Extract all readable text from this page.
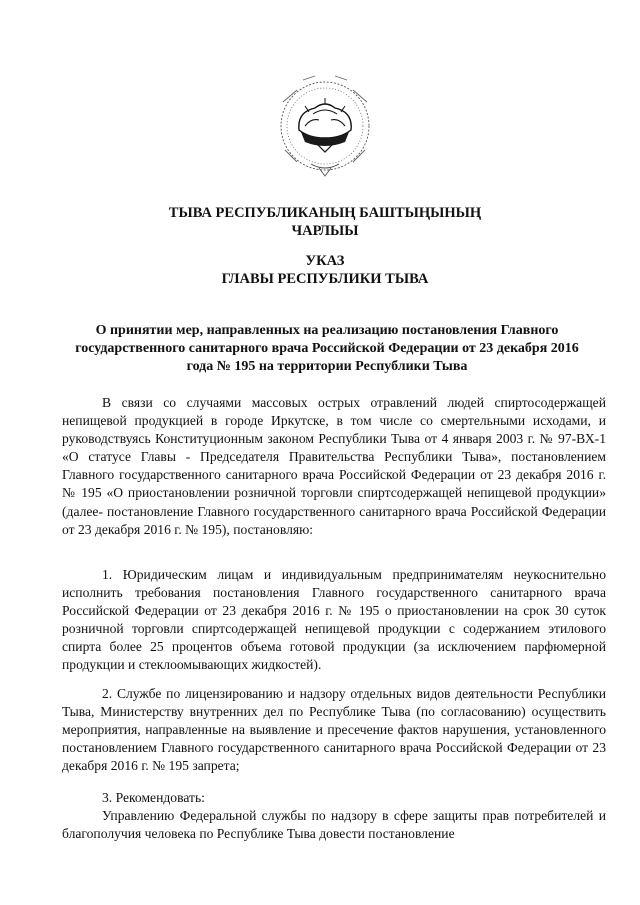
ТЫВА РЕСПУБЛИКАНЫҢ БАШТЫҢЫНЫҢ
ЧАРЛЫЫ
УКАЗ
ГЛАВЫ РЕСПУБЛИКИ ТЫВА
О принятии мер, направленных на реализацию постановления Главного государственного санитарного врача Российской Федерации от 23 декабря 2016 года № 195 на территории Республики Тыва

В связи со случаями массовых острых отравлений людей спиртосодержащей непищевой продукцией в городе Иркутске, в том числе со смертельными исходами, и руководствуясь Конституционным законом Республики Тыва от 4 января 2003 г. № 97-ВХ-1 «О статусе Главы - Председателя Правительства Республики Тыва», постановлением Главного государственного санитарного врача Российской Федерации от 23 декабря 2016 г. № 195 «О приостановлении розничной торговли спиртсодержащей непищевой продукции» (далее- постановление Главного государственного санитарного врача Российской Федерации от 23 декабря 2016 г. № 195), постановляю:

1. Юридическим лицам и индивидуальным предпринимателям неукоснительно исполнить требования постановления Главного государственного санитарного врача Российской Федерации от 23 декабря 2016 г. № 195 о приостановлении на срок 30 суток розничной торговли спиртсодержащей непищевой продукции с содержанием этилового спирта более 25 процентов объема готовой продукции (за исключением парфюмерной продукции и стеклоомывающих жидкостей).

2. Службе по лицензированию и надзору отдельных видов деятельности Республики Тыва, Министерству внутренних дел по Республике Тыва (по согласованию) осуществить мероприятия, направленные на выявление и пресечение фактов нарушения, установленного постановлением Главного государственного санитарного врача Российской Федерации от 23 декабря 2016 г. № 195 запрета;

3. Рекомендовать:

Управлению Федеральной службы по надзору в сфере защиты прав потребителей и благополучия человека по Республике Тыва довести постановление
